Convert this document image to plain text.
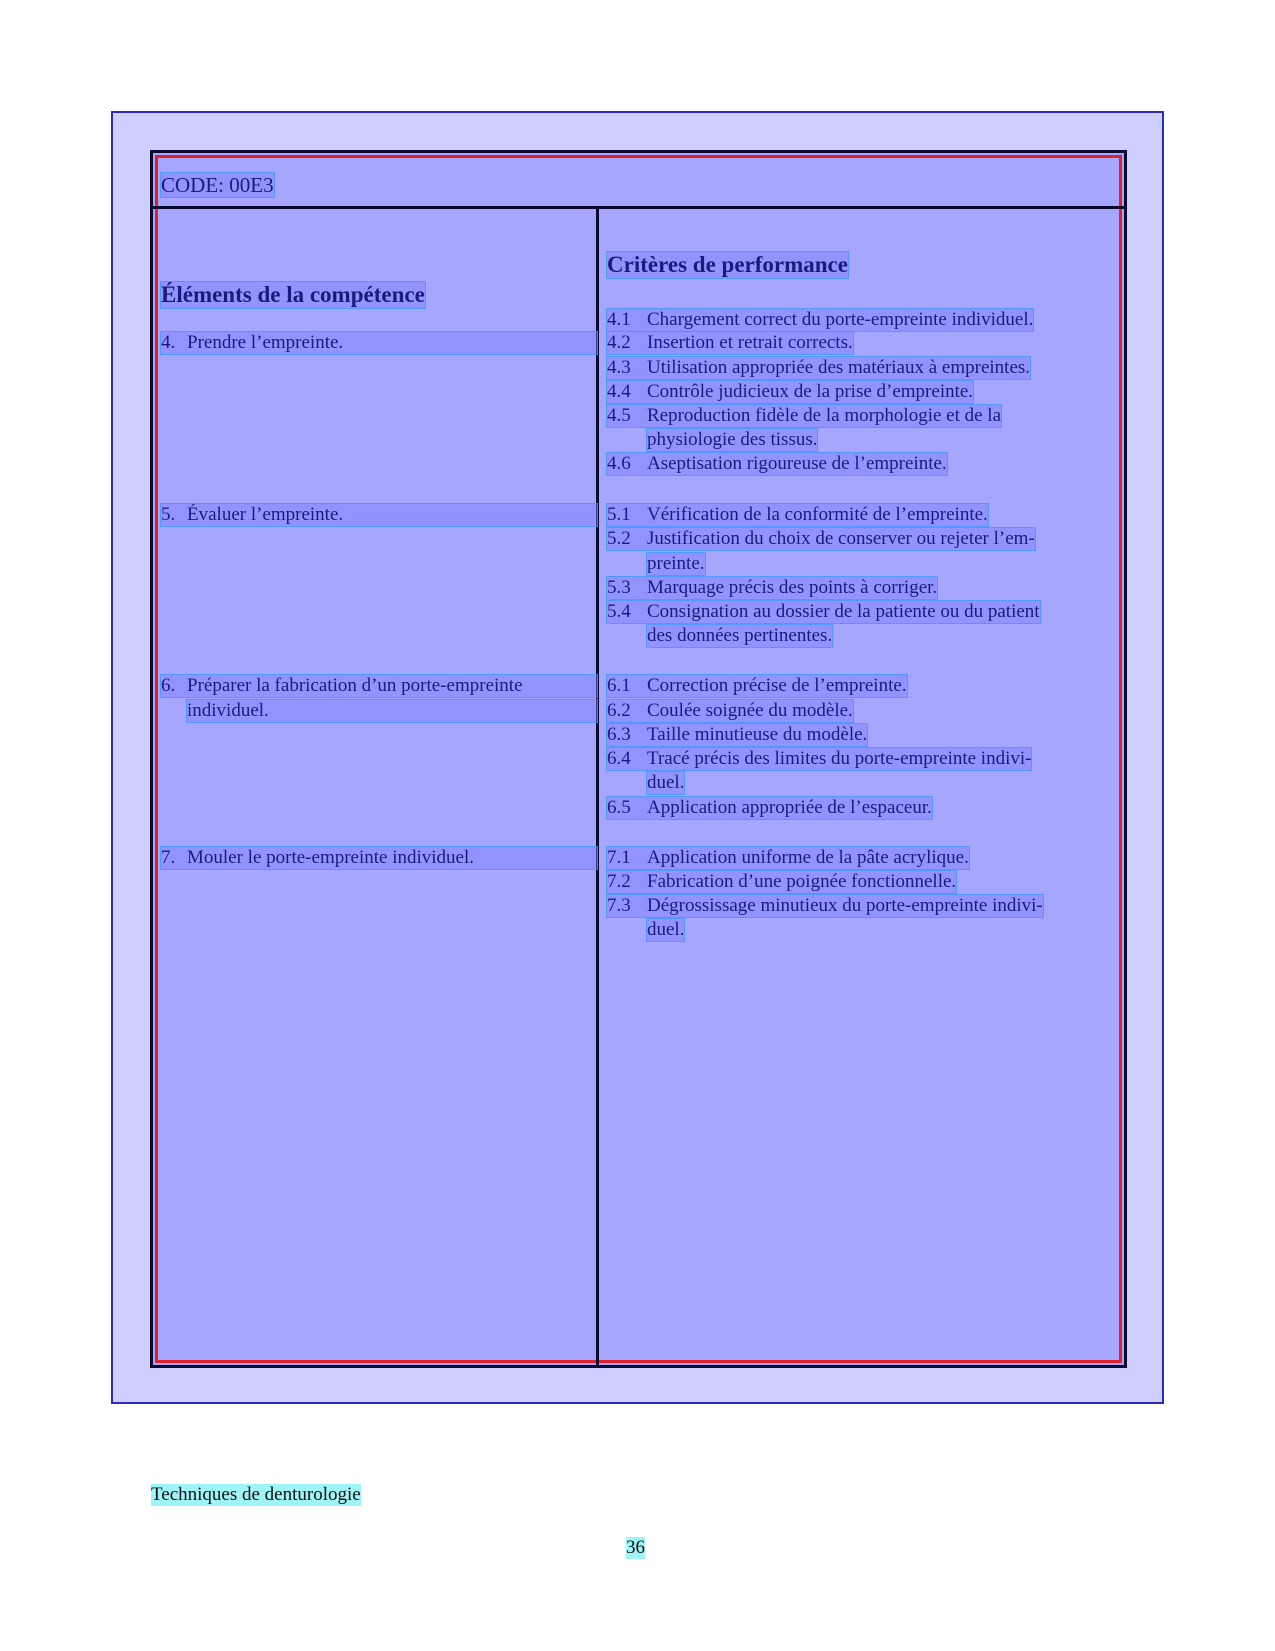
CODE: 00E3
Éléments de la compétence
Critères de performance
4. Prendre l’empreinte.
5. Évaluer l’empreinte.
6. Préparer la fabrication d’un porte-empreinte
individuel.
7. Mouler le porte-empreinte individuel.
4.1 Chargement correct du porte-empreinte individuel.
4.2 Insertion et retrait corrects.
4.3 Utilisation appropriée des matériaux à empreintes.
4.4 Contrôle judicieux de la prise d’empreinte.
4.5 Reproduction fidèle de la morphologie et de la
physiologie des tissus.
4.6 Aseptisation rigoureuse de l’empreinte.
5.1 Vérification de la conformité de l’empreinte.
5.2 Justification du choix de conserver ou rejeter l’em-
preinte.
5.3 Marquage précis des points à corriger.
5.4 Consignation au dossier de la patiente ou du patient
des données pertinentes.
6.1 Correction précise de l’empreinte.
6.2 Coulée soignée du modèle.
6.3 Taille minutieuse du modèle.
6.4 Tracé précis des limites du porte-empreinte indivi-
duel.
6.5 Application appropriée de l’espaceur.
7.1 Application uniforme de la pâte acrylique.
7.2 Fabrication d’une poignée fonctionnelle.
7.3 Dégrossissage minutieux du porte-empreinte indivi-
duel.
Techniques de denturologie
36
